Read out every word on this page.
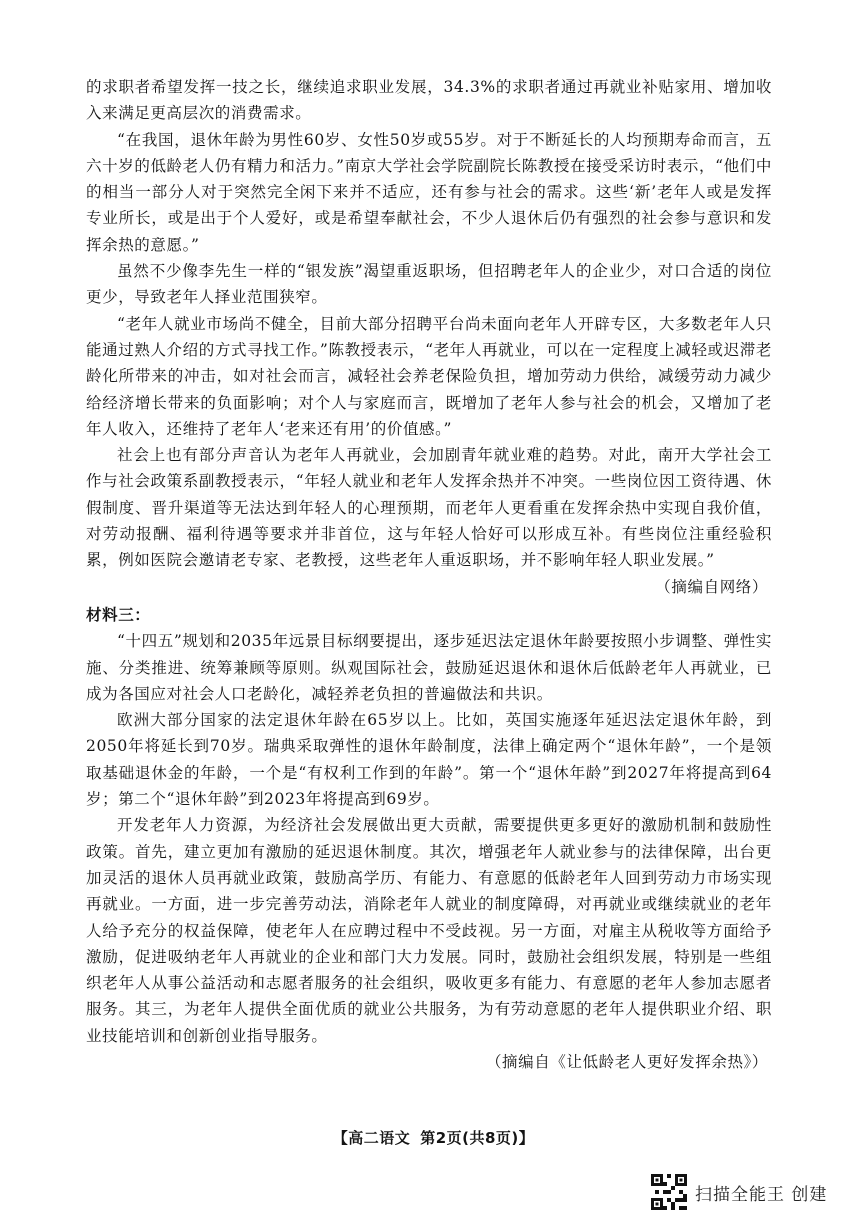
的求职者希望发挥一技之长，继续追求职业发展，34.3%的求职者通过再就业补贴家用、增加收入来满足更高层次的消费需求。

“在我国，退休年龄为男性60岁、女性50岁或55岁。对于不断延长的人均预期寿命而言，五六十岁的低龄老人仍有精力和活力。”南京大学社会学院副院长陈教授在接受采访时表示，“他们中的相当一部分人对于突然完全闲下来并不适应，还有参与社会的需求。这些‘新’老年人或是发挥专业所长，或是出于个人爱好，或是希望奉献社会，不少人退休后仍有强烈的社会参与意识和发挥余热的意愿。”

虽然不少像李先生一样的“银发族”渴望重返职场，但招聘老年人的企业少，对口合适的岗位更少，导致老年人择业范围狭窄。

“老年人就业市场尚不健全，目前大部分招聘平台尚未面向老年人开辟专区，大多数老年人只能通过熟人介绍的方式寻找工作。”陈教授表示，“老年人再就业，可以在一定程度上减轻或迟滞老龄化所带来的冲击，如对社会而言，减轻社会养老保险负担，增加劳动力供给，减缓劳动力减少给经济增长带来的负面影响；对个人与家庭而言，既增加了老年人参与社会的机会，又增加了老年人收入，还维持了老年人‘老来还有用’的价值感。”

社会上也有部分声音认为老年人再就业，会加剧青年就业难的趋势。对此，南开大学社会工作与社会政策系副教授表示，“年轻人就业和老年人发挥余热并不冲突。一些岗位因工资待遇、休假制度、晋升渠道等无法达到年轻人的心理预期，而老年人更看重在发挥余热中实现自我价值，对劳动报酬、福利待遇等要求并非首位，这与年轻人恰好可以形成互补。有些岗位注重经验积累，例如医院会邀请老专家、老教授，这些老年人重返职场，并不影响年轻人职业发展。”

（摘编自网络）

材料三：

“十四五”规划和2035年远景目标纲要提出，逐步延迟法定退休年龄要按照小步调整、弹性实施、分类推进、统筹兼顾等原则。纵观国际社会，鼓励延迟退休和退休后低龄老年人再就业，已成为各国应对社会人口老龄化，减轻养老负担的普遍做法和共识。

欧洲大部分国家的法定退休年龄在65岁以上。比如，英国实施逐年延迟法定退休年龄，到2050年将延长到70岁。瑞典采取弹性的退休年龄制度，法律上确定两个“退休年龄”，一个是领取基础退休金的年龄，一个是“有权利工作到的年龄”。第一个“退休年龄”到2027年将提高到64岁；第二个“退休年龄”到2023年将提高到69岁。

开发老年人力资源，为经济社会发展做出更大贡献，需要提供更多更好的激励机制和鼓励性政策。首先，建立更加有激励的延迟退休制度。其次，增强老年人就业参与的法律保障，出台更加灵活的退休人员再就业政策，鼓励高学历、有能力、有意愿的低龄老年人回到劳动力市场实现再就业。一方面，进一步完善劳动法，消除老年人就业的制度障碍，对再就业或继续就业的老年人给予充分的权益保障，使老年人在应聘过程中不受歧视。另一方面，对雇主从税收等方面给予激励，促进吸纳老年人再就业的企业和部门大力发展。同时，鼓励社会组织发展，特别是一些组织老年人从事公益活动和志愿者服务的社会组织，吸收更多有能力、有意愿的老年人参加志愿者服务。其三，为老年人提供全面优质的就业公共服务，为有劳动意愿的老年人提供职业介绍、职业技能培训和创新创业指导服务。

（摘编自《让低龄老人更好发挥余热》）

【高二语文 第2页(共8页)】
扫描全能王 创建
